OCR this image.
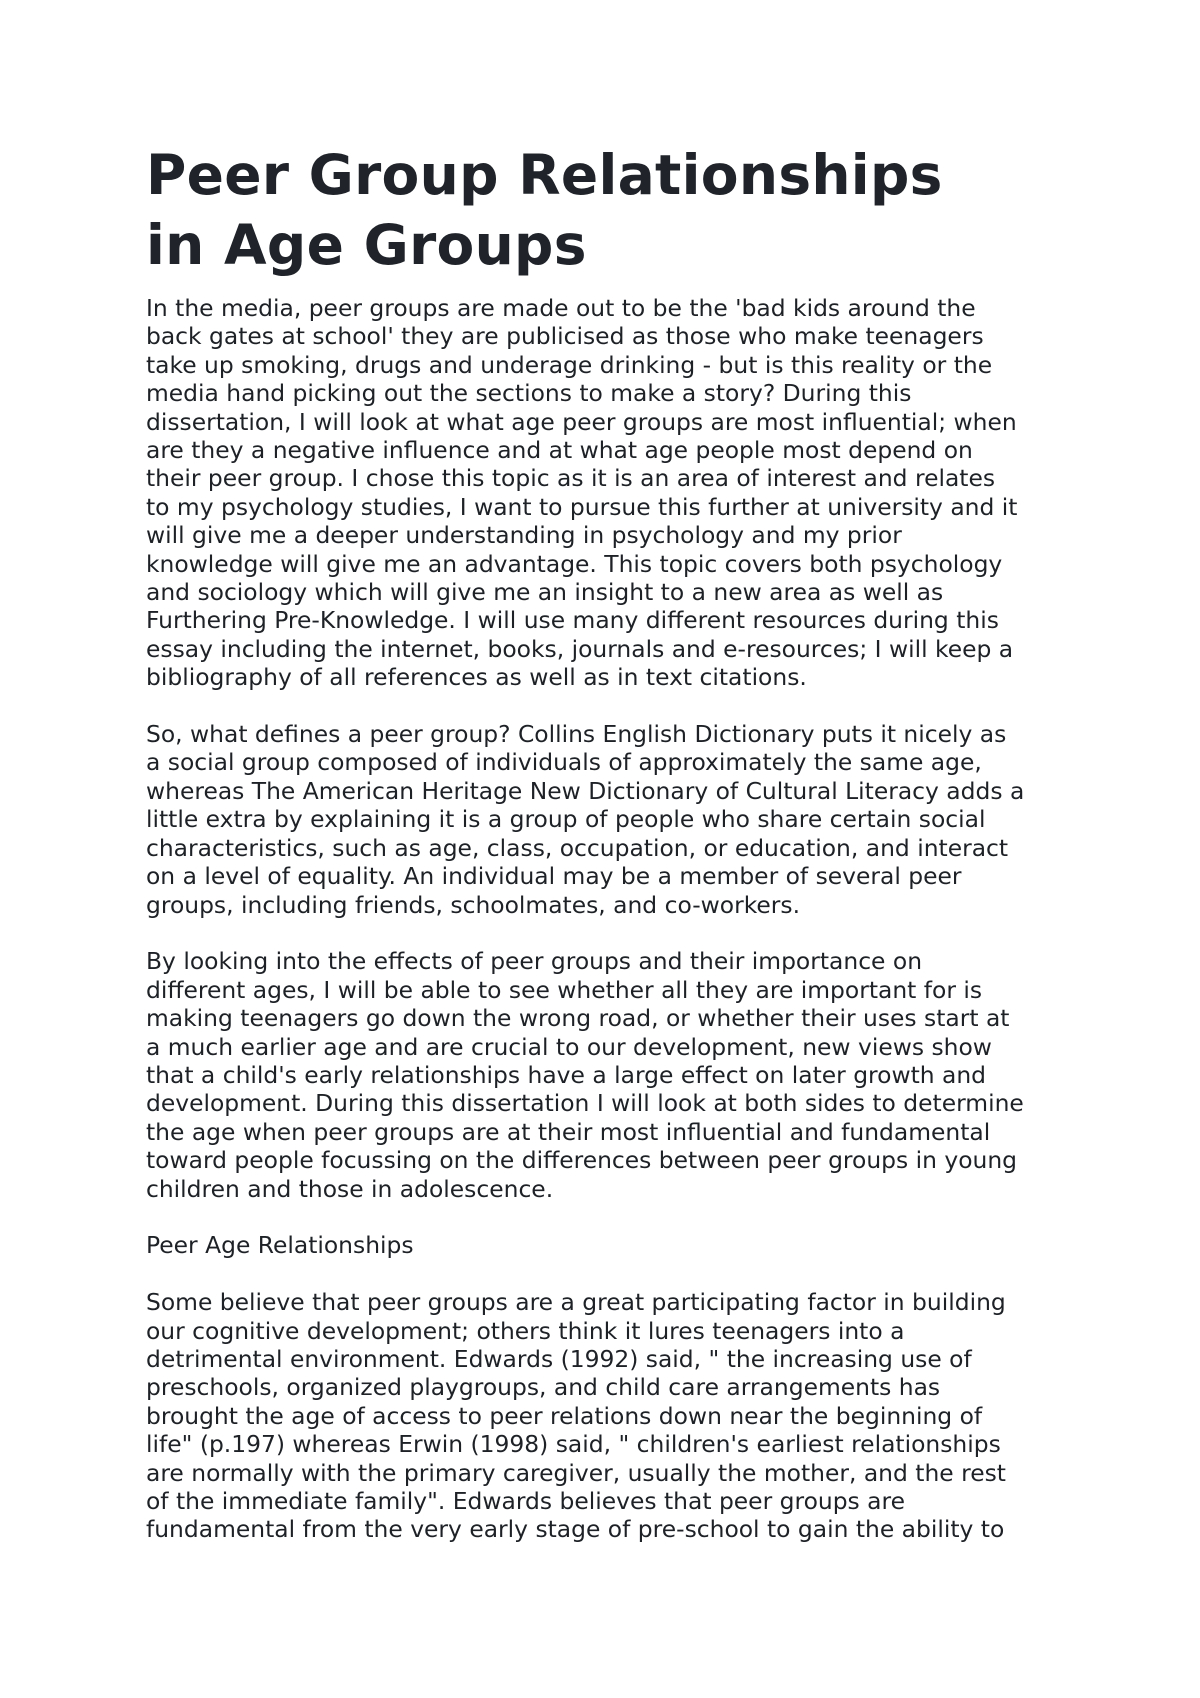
Peer Group Relationships
in Age Groups

In the media, peer groups are made out to be the 'bad kids around the
back gates at school' they are publicised as those who make teenagers
take up smoking, drugs and underage drinking - but is this reality or the
media hand picking out the sections to make a story? During this
dissertation, I will look at what age peer groups are most influential; when
are they a negative influence and at what age people most depend on
their peer group. I chose this topic as it is an area of interest and relates
to my psychology studies, I want to pursue this further at university and it
will give me a deeper understanding in psychology and my prior
knowledge will give me an advantage. This topic covers both psychology
and sociology which will give me an insight to a new area as well as
Furthering Pre-Knowledge. I will use many different resources during this
essay including the internet, books, journals and e-resources; I will keep a
bibliography of all references as well as in text citations.

So, what defines a peer group? Collins English Dictionary puts it nicely as
a social group composed of individuals of approximately the same age,
whereas The American Heritage New Dictionary of Cultural Literacy adds a
little extra by explaining it is a group of people who share certain social
characteristics, such as age, class, occupation, or education, and interact
on a level of equality. An individual may be a member of several peer
groups, including friends, schoolmates, and co-workers.

By looking into the effects of peer groups and their importance on
different ages, I will be able to see whether all they are important for is
making teenagers go down the wrong road, or whether their uses start at
a much earlier age and are crucial to our development, new views show
that a child's early relationships have a large effect on later growth and
development. During this dissertation I will look at both sides to determine
the age when peer groups are at their most influential and fundamental
toward people focussing on the differences between peer groups in young
children and those in adolescence.

Peer Age Relationships

Some believe that peer groups are a great participating factor in building
our cognitive development; others think it lures teenagers into a
detrimental environment. Edwards (1992) said, " the increasing use of
preschools, organized playgroups, and child care arrangements has
brought the age of access to peer relations down near the beginning of
life" (p.197) whereas Erwin (1998) said, " children's earliest relationships
are normally with the primary caregiver, usually the mother, and the rest
of the immediate family". Edwards believes that peer groups are
fundamental from the very early stage of pre-school to gain the ability to
